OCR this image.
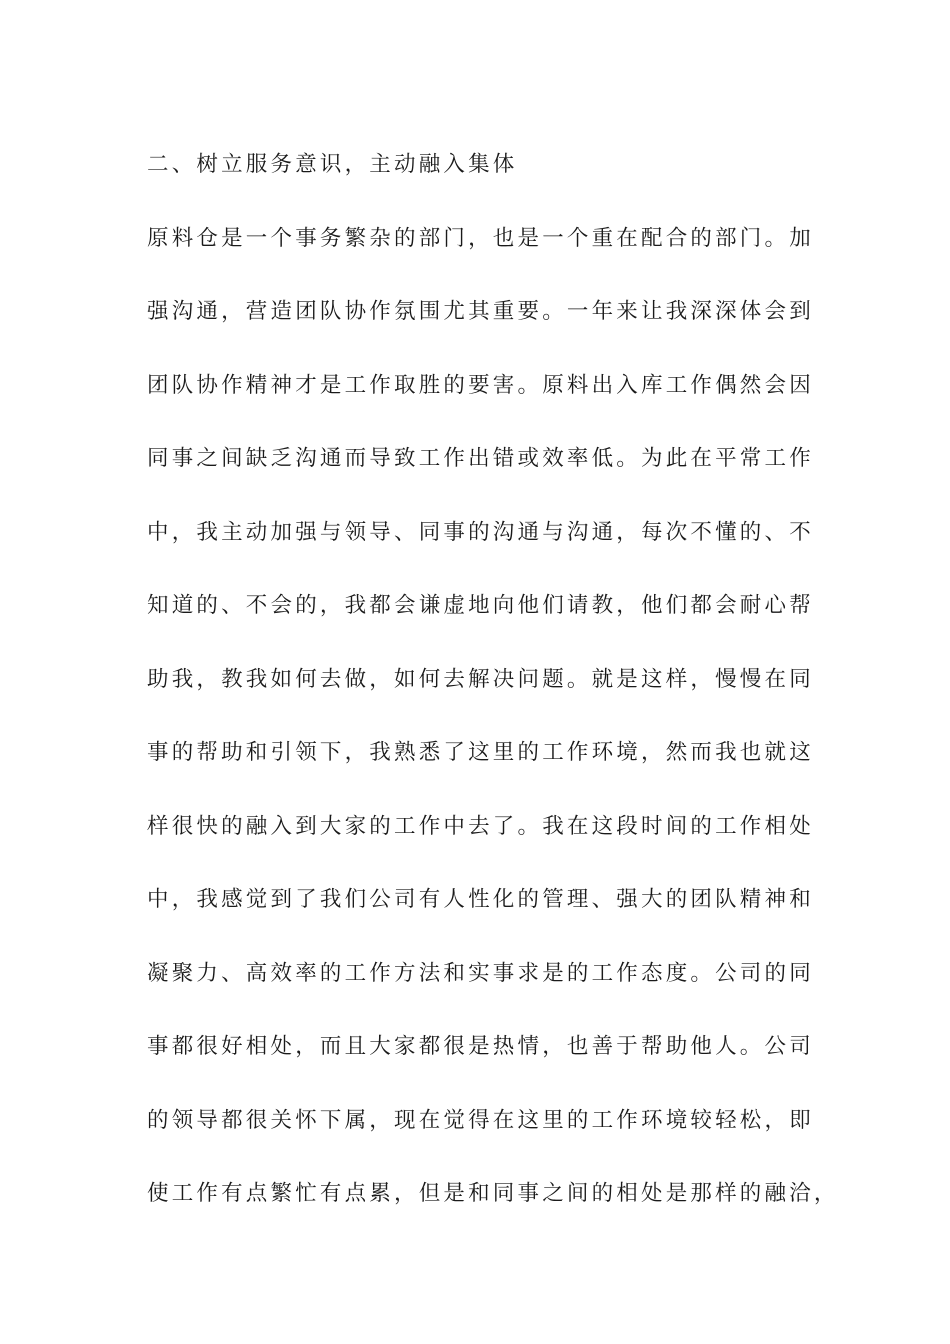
二、树立服务意识，主动融入集体
原料仓是一个事务繁杂的部门，也是一个重在配合的部门。加
强沟通，营造团队协作氛围尤其重要。一年来让我深深体会到
团队协作精神才是工作取胜的要害。原料出入库工作偶然会因
同事之间缺乏沟通而导致工作出错或效率低。为此在平常工作
中，我主动加强与领导、同事的沟通与沟通，每次不懂的、不
知道的、不会的，我都会谦虚地向他们请教，他们都会耐心帮
助我，教我如何去做，如何去解决问题。就是这样，慢慢在同
事的帮助和引领下，我熟悉了这里的工作环境，然而我也就这
样很快的融入到大家的工作中去了。我在这段时间的工作相处
中，我感觉到了我们公司有人性化的管理、强大的团队精神和
凝聚力、高效率的工作方法和实事求是的工作态度。公司的同
事都很好相处，而且大家都很是热情，也善于帮助他人。公司
的领导都很关怀下属，现在觉得在这里的工作环境较轻松，即
使工作有点繁忙有点累，但是和同事之间的相处是那样的融洽，
